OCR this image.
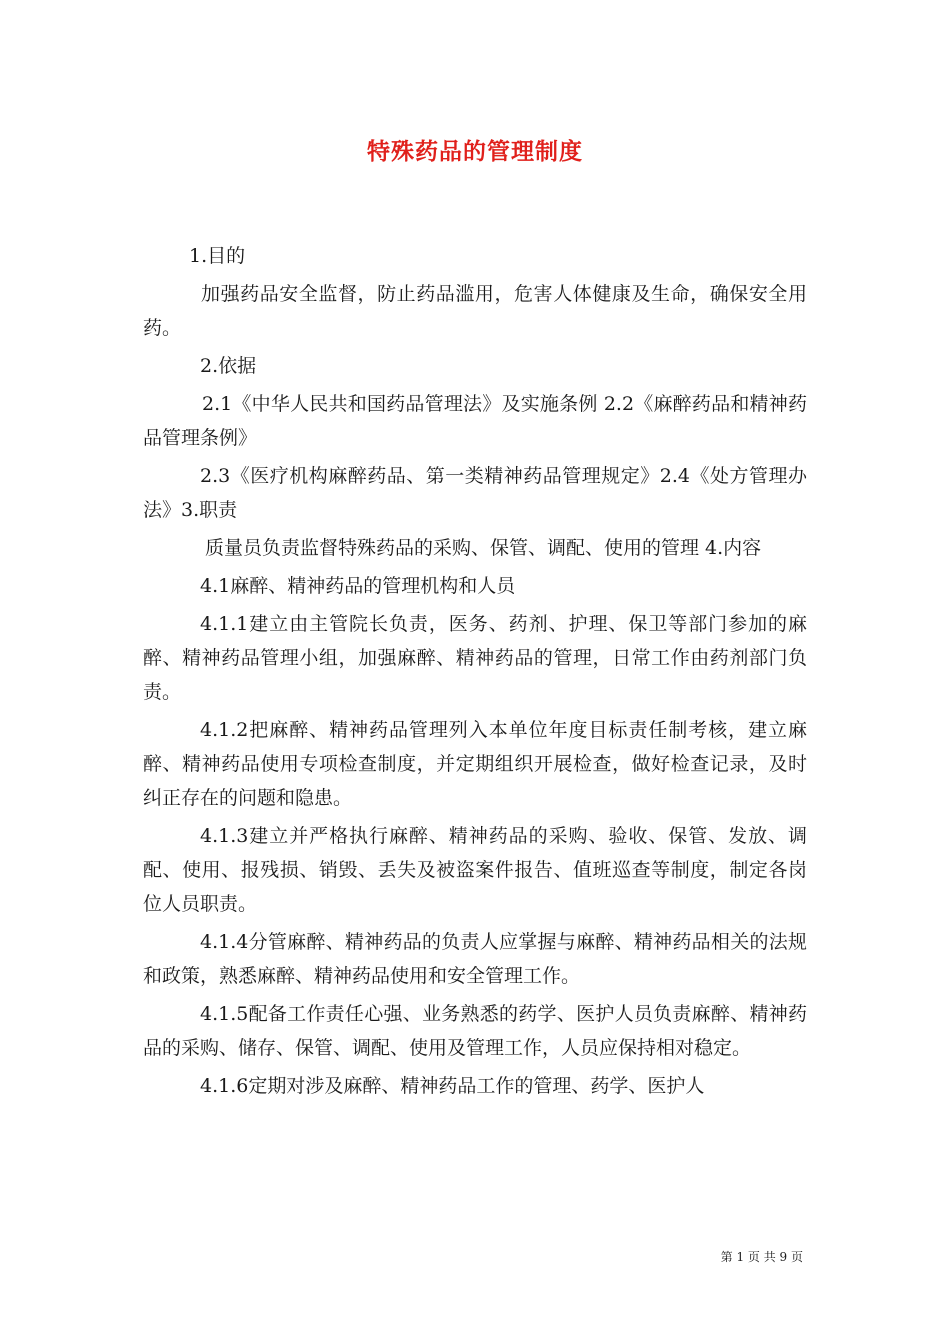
特殊药品的管理制度

1.目的

加强药品安全监督，防止药品滥用，危害人体健康及生命，确保安全用药。

2.依据

2.1《中华人民共和国药品管理法》及实施条例 2.2《麻醉药品和精神药品管理条例》

2.3《医疗机构麻醉药品、第一类精神药品管理规定》2.4《处方管理办法》3.职责

质量员负责监督特殊药品的采购、保管、调配、使用的管理 4.内容

4.1麻醉、精神药品的管理机构和人员

4.1.1建立由主管院长负责，医务、药剂、护理、保卫等部门参加的麻醉、精神药品管理小组，加强麻醉、精神药品的管理，日常工作由药剂部门负责。

4.1.2把麻醉、精神药品管理列入本单位年度目标责任制考核，建立麻醉、精神药品使用专项检查制度，并定期组织开展检查，做好检查记录，及时纠正存在的问题和隐患。

4.1.3建立并严格执行麻醉、精神药品的采购、验收、保管、发放、调配、使用、报残损、销毁、丢失及被盗案件报告、值班巡查等制度，制定各岗位人员职责。

4.1.4分管麻醉、精神药品的负责人应掌握与麻醉、精神药品相关的法规和政策，熟悉麻醉、精神药品使用和安全管理工作。

4.1.5配备工作责任心强、业务熟悉的药学、医护人员负责麻醉、精神药品的采购、储存、保管、调配、使用及管理工作，人员应保持相对稳定。

4.1.6定期对涉及麻醉、精神药品工作的管理、药学、医护人

第 1 页 共 9 页
